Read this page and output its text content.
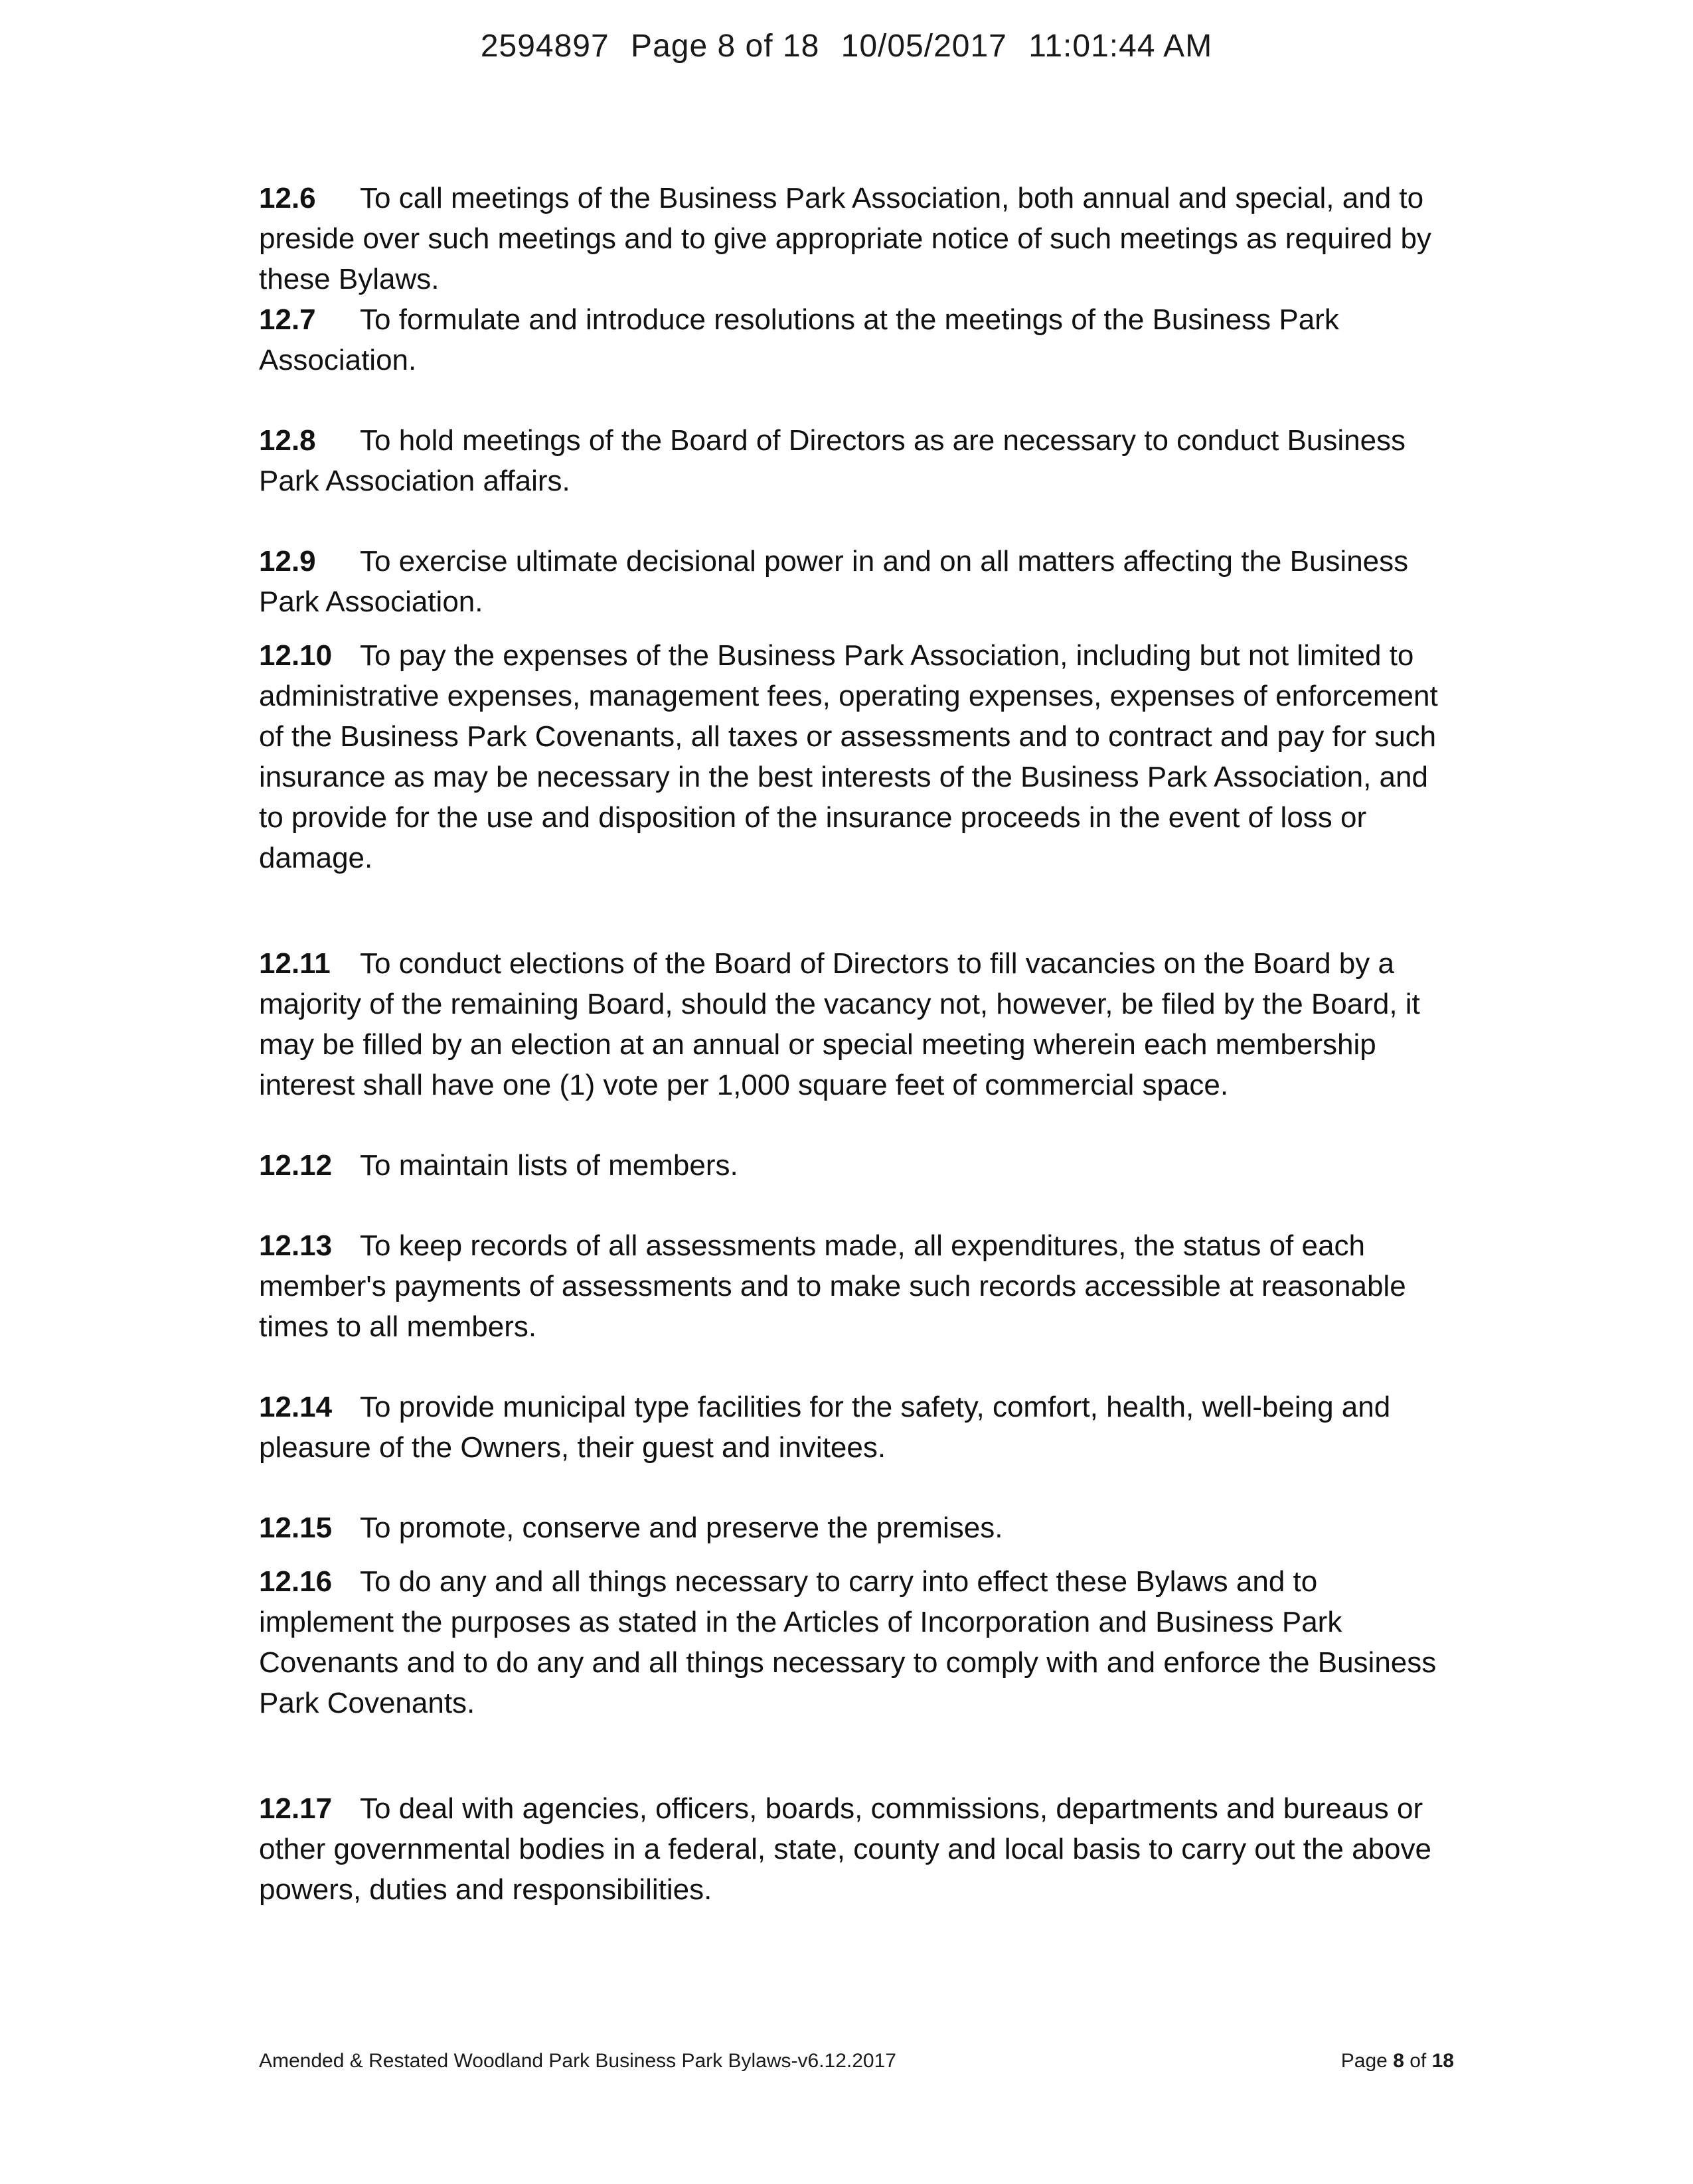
2594897 Page 8 of 18 10/05/2017 11:01:44 AM

12.6 To call meetings of the Business Park Association, both annual and special, and to preside over such meetings and to give appropriate notice of such meetings as required by these Bylaws.

12.7 To formulate and introduce resolutions at the meetings of the Business Park Association.

12.8 To hold meetings of the Board of Directors as are necessary to conduct Business Park Association affairs.

12.9 To exercise ultimate decisional power in and on all matters affecting the Business Park Association.

12.10 To pay the expenses of the Business Park Association, including but not limited to administrative expenses, management fees, operating expenses, expenses of enforcement of the Business Park Covenants, all taxes or assessments and to contract and pay for such insurance as may be necessary in the best interests of the Business Park Association, and to provide for the use and disposition of the insurance proceeds in the event of loss or damage.

12.11 To conduct elections of the Board of Directors to fill vacancies on the Board by a majority of the remaining Board, should the vacancy not, however, be filed by the Board, it may be filled by an election at an annual or special meeting wherein each membership interest shall have one (1) vote per 1,000 square feet of commercial space.

12.12 To maintain lists of members.

12.13 To keep records of all assessments made, all expenditures, the status of each member's payments of assessments and to make such records accessible at reasonable times to all members.

12.14 To provide municipal type facilities for the safety, comfort, health, well-being and pleasure of the Owners, their guest and invitees.

12.15 To promote, conserve and preserve the premises.

12.16 To do any and all things necessary to carry into effect these Bylaws and to implement the purposes as stated in the Articles of Incorporation and Business Park Covenants and to do any and all things necessary to comply with and enforce the Business Park Covenants.

12.17 To deal with agencies, officers, boards, commissions, departments and bureaus or other governmental bodies in a federal, state, county and local basis to carry out the above powers, duties and responsibilities.

Amended & Restated Woodland Park Business Park Bylaws-v6.12.2017	Page 8 of 18
